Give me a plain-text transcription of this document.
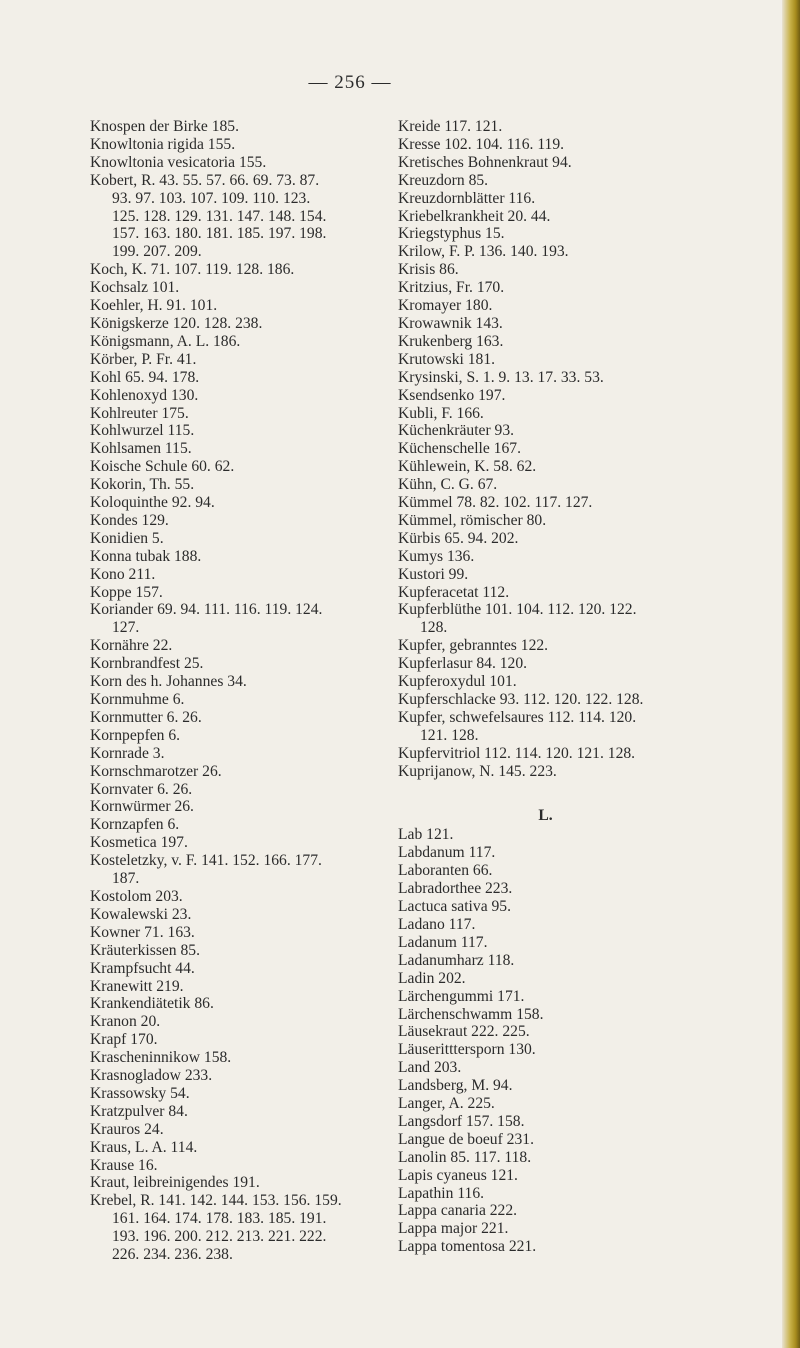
— 256 —
Knospen der Birke 185.
Knowltonia rigida 155.
Knowltonia vesicatoria 155.
Kobert, R. 43. 55. 57. 66. 69. 73. 87.
93. 97. 103. 107. 109. 110. 123.
125. 128. 129. 131. 147. 148. 154.
157. 163. 180. 181. 185. 197. 198.
199. 207. 209.
Koch, K. 71. 107. 119. 128. 186.
Kochsalz 101.
Koehler, H. 91. 101.
Königskerze 120. 128. 238.
Königsmann, A. L. 186.
Körber, P. Fr. 41.
Kohl 65. 94. 178.
Kohlenoxyd 130.
Kohlreuter 175.
Kohlwurzel 115.
Kohlsamen 115.
Koische Schule 60. 62.
Kokorin, Th. 55.
Koloquinthe 92. 94.
Kondes 129.
Konidien 5.
Konna tubak 188.
Kono 211.
Koppe 157.
Koriander 69. 94. 111. 116. 119. 124.
127.
Kornähre 22.
Kornbrandfest 25.
Korn des h. Johannes 34.
Kornmuhme 6.
Kornmutter 6. 26.
Kornpepfen 6.
Kornrade 3.
Kornschmarotzer 26.
Kornvater 6. 26.
Kornwürmer 26.
Kornzapfen 6.
Kosmetica 197.
Kosteletzky, v. F. 141. 152. 166. 177.
187.
Kostolom 203.
Kowalewski 23.
Kowner 71. 163.
Kräuterkissen 85.
Krampfsucht 44.
Kranewitt 219.
Krankendiätetik 86.
Kranon 20.
Krapf 170.
Krascheninnikow 158.
Krasnogladow 233.
Krassowsky 54.
Kratzpulver 84.
Krauros 24.
Kraus, L. A. 114.
Krause 16.
Kraut, leibreinigendes 191.
Krebel, R. 141. 142. 144. 153. 156. 159.
161. 164. 174. 178. 183. 185. 191.
193. 196. 200. 212. 213. 221. 222.
226. 234. 236. 238.
Kreide 117. 121.
Kresse 102. 104. 116. 119.
Kretisches Bohnenkraut 94.
Kreuzdorn 85.
Kreuzdornblätter 116.
Kriebelkrankheit 20. 44.
Kriegstyphus 15.
Krilow, F. P. 136. 140. 193.
Krisis 86.
Kritzius, Fr. 170.
Kromayer 180.
Krowawnik 143.
Krukenberg 163.
Krutowski 181.
Krysinski, S. 1. 9. 13. 17. 33. 53.
Ksendsenko 197.
Kubli, F. 166.
Küchenkräuter 93.
Küchenschelle 167.
Kühlewein, K. 58. 62.
Kühn, C. G. 67.
Kümmel 78. 82. 102. 117. 127.
Kümmel, römischer 80.
Kürbis 65. 94. 202.
Kumys 136.
Kustori 99.
Kupferacetat 112.
Kupferblüthe 101. 104. 112. 120. 122.
128.
Kupfer, gebranntes 122.
Kupferlasur 84. 120.
Kupferoxydul 101.
Kupferschlacke 93. 112. 120. 122. 128.
Kupfer, schwefelsaures 112. 114. 120.
121. 128.
Kupfervitriol 112. 114. 120. 121. 128.
Kuprijanow, N. 145. 223.
L.
Lab 121.
Labdanum 117.
Laboranten 66.
Labradorthee 223.
Lactuca sativa 95.
Ladano 117.
Ladanum 117.
Ladanumharz 118.
Ladin 202.
Lärchengummi 171.
Lärchenschwamm 158.
Läusekraut 222. 225.
Läuseritttersporn 130.
Land 203.
Landsberg, M. 94.
Langer, A. 225.
Langsdorf 157. 158.
Langue de boeuf 231.
Lanolin 85. 117. 118.
Lapis cyaneus 121.
Lapathin 116.
Lappa canaria 222.
Lappa major 221.
Lappa tomentosa 221.
